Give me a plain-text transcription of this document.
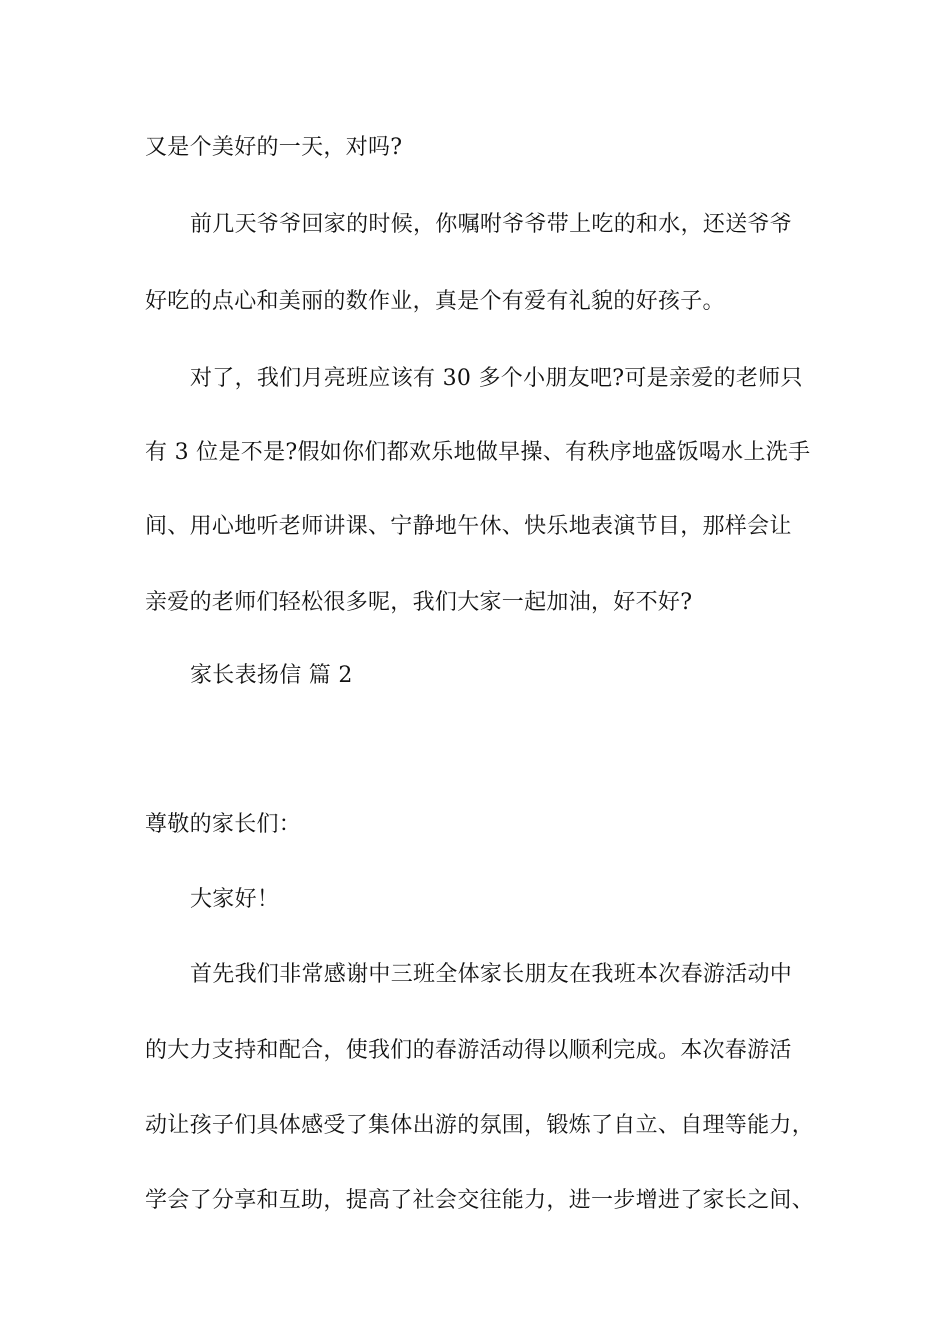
又是个美好的一天，对吗?
前几天爷爷回家的时候，你嘱咐爷爷带上吃的和水，还送爷爷
好吃的点心和美丽的数作业，真是个有爱有礼貌的好孩子。
对了，我们月亮班应该有 30 多个小朋友吧?可是亲爱的老师只
有 3 位是不是?假如你们都欢乐地做早操、有秩序地盛饭喝水上洗手
间、用心地听老师讲课、宁静地午休、快乐地表演节目，那样会让
亲爱的老师们轻松很多呢，我们大家一起加油，好不好?
家长表扬信 篇 2
尊敬的家长们：
大家好！
首先我们非常感谢中三班全体家长朋友在我班本次春游活动中
的大力支持和配合，使我们的春游活动得以顺利完成。本次春游活
动让孩子们具体感受了集体出游的氛围，锻炼了自立、自理等能力，
学会了分享和互助，提高了社会交往能力，进一步增进了家长之间、
